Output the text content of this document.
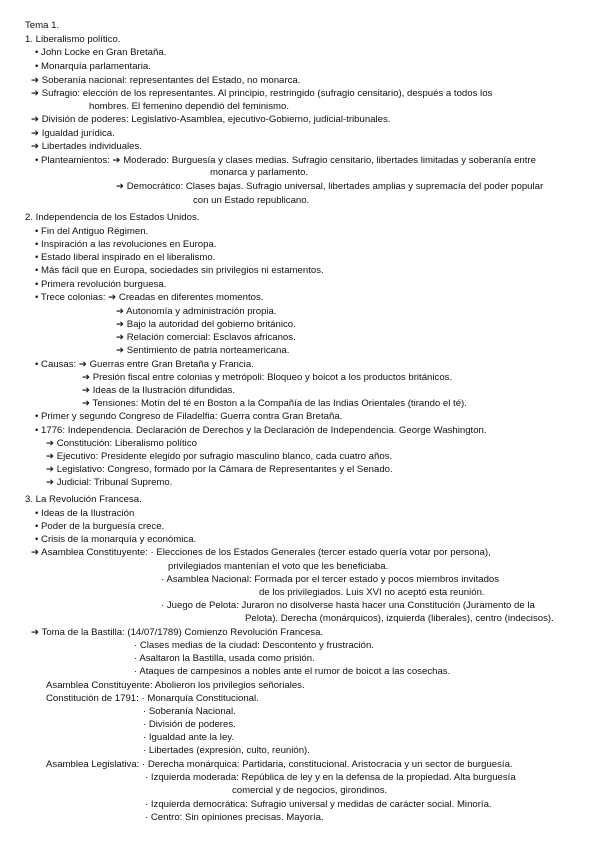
Tema 1.
1. Liberalismo político.
• John Locke en Gran Bretaña.
• Monarquía parlamentaria.
➔ Soberanía nacional: representantes del Estado, no monarca.
➔ Sufragio: elección de los representantes. Al principio, restringido (sufragio censitario), después a todos los
hombres. El femenino dependió del feminismo.
➔ División de poderes: Legislativo-Asamblea, ejecutivo-Gobierno, judicial-tribunales.
➔ Igualdad jurídica.
➔ Libertades individuales.
• Planteamientos: ➔ Moderado: Burguesía y clases medias. Sufragio censitario, libertades limitadas y soberanía entre
monarca y parlamento.
➔ Democrático: Clases bajas. Sufragio universal, libertades amplias y supremacía del poder popular
con un Estado republicano.
2. Independencia de los Estados Unidos.
• Fin del Antiguo Régimen.
• Inspiración a las revoluciones en Europa.
• Estado liberal inspirado en el liberalismo.
• Más fácil que en Europa, sociedades sin privilegios ni estamentos.
• Primera revolución burguesa.
• Trece colonias: ➔ Creadas en diferentes momentos.
➔ Autonomía y administración propia.
➔ Bajo la autoridad del gobierno británico.
➔ Relación comercial: Esclavos africanos.
➔ Sentimiento de patria norteamericana.
• Causas: ➔ Guerras entre Gran Bretaña y Francia.
➔ Presión fiscal entre colonias y metrópoli: Bloqueo y boicot a los productos británicos.
➔ Ideas de la Ilustración difundidas.
➔ Tensiones: Motín del té en Boston a la Compañía de las Indias Orientales (tirando el té).
• Primer y segundo Congreso de Filadelfia: Guerra contra Gran Bretaña.
• 1776: Independencia. Declaración de Derechos y la Declaración de Independencia. George Washington.
➔ Constitución: Liberalismo político
➔ Ejecutivo: Presidente elegido por sufragio masculino blanco, cada cuatro años.
➔ Legislativo: Congreso, formado por la Cámara de Representantes y el Senado.
➔ Judicial: Tribunal Supremo.
3. La Revolución Francesa.
• Ideas de la Ilustración
• Poder de la burguesía crece.
• Crisis de la monarquía y económica.
➔ Asamblea Constituyente: · Elecciones de los Estados Generales (tercer estado quería votar por persona),
privilegiados mantenían el voto que les beneficiaba.
· Asamblea Nacional: Formada por el tercer estado y pocos miembros invitados
de los privilegiados. Luis XVI no aceptó esta reunión.
· Juego de Pelota: Juraron no disolverse hasta hacer una Constitución (Juramento de la
Pelota). Derecha (monárquicos), izquierda (liberales), centro (indecisos).
➔ Toma de la Bastilla: (14/07/1789) Comienzo Revolución Francesa.
· Clases medias de la ciudad: Descontento y frustración.
· Asaltaron la Bastilla, usada como prisión.
· Ataques de campesinos a nobles ante el rumor de boicot a las cosechas.
Asamblea Constituyente: Abolieron los privilegios señoriales.
Constitución de 1791: · Monarquía Constitucional.
· Soberanía Nacional.
· División de poderes.
· Igualdad ante la ley.
· Libertades (expresión, culto, reunión).
Asamblea Legislativa: · Derecha monárquica: Partidaria, constitucional. Aristocracia y un sector de burguesía.
· Izquierda moderada: República de ley y en la defensa de la propiedad. Alta burguesía
comercial y de negocios, girondinos.
· Izquierda democrática: Sufragio universal y medidas de carácter social. Minoría.
· Centro: Sin opiniones precisas. Mayoría.
